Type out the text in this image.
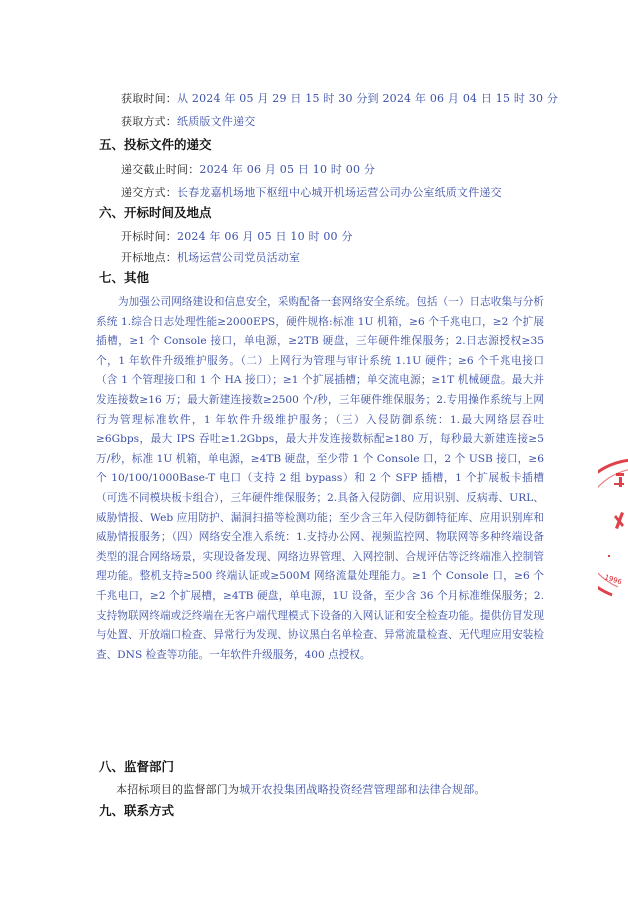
获取时间：从 2024 年 05 月 29 日 15 时 30 分到 2024 年 06 月 04 日 15 时 30 分
获取方式：纸质版文件递交
五、投标文件的递交
递交截止时间：2024 年 06 月 05 日 10 时 00 分
递交方式：长春龙嘉机场地下枢纽中心城开机场运营公司办公室纸质文件递交
六、开标时间及地点
开标时间：2024 年 06 月 05 日 10 时 00 分
开标地点：机场运营公司党员活动室
七、其他

为加强公司网络建设和信息安全，采购配备一套网络安全系统。包括（一）日志收集与分析系统 1.综合日志处理性能≥2000EPS，硬件规格:标准 1U 机箱，≥6 个千兆电口，≥2 个扩展插槽，≥1 个 Console 接口，单电源，≥2TB 硬盘，三年硬件维保服务；2.日志源授权≥35 个，1 年软件升级维护服务。（二）上网行为管理与审计系统 1.1U 硬件；≥6 个千兆电接口（含 1 个管理接口和 1 个 HA 接口）；≥1 个扩展插槽；单交流电源；≥1T 机械硬盘。最大并发连接数≥16 万；最大新建连接数≥2500 个/秒，三年硬件维保服务；2.专用操作系统与上网行为管理标准软件，1 年软件升级维护服务；（三）入侵防御系统：1.最大网络层吞吐≥6Gbps，最大 IPS 吞吐≥1.2Gbps，最大并发连接数标配≥180 万，每秒最大新建连接≥5 万/秒，标准 1U 机箱，单电源，≥4TB 硬盘，至少带 1 个 Console 口，2 个 USB 接口，≥6 个 10/100/1000Base-T 电口（支持 2 组 bypass）和 2 个 SFP 插槽，1 个扩展板卡插槽（可选不同模块板卡组合），三年硬件维保服务；2.具备入侵防御、应用识别、反病毒、URL、威胁情报、Web 应用防护、漏洞扫描等检测功能；至少含三年入侵防御特征库、应用识别库和威胁情报服务；（四）网络安全准入系统：1.支持办公网、视频监控网、物联网等多种终端设备类型的混合网络场景，实现设备发现、网络边界管理、入网控制、合规评估等泛终端准入控制管理功能。整机支持≥500 终端认证或≥500M 网络流量处理能力。≥1 个 Console 口，≥6 个千兆电口，≥2 个扩展槽，≥4TB 硬盘，单电源，1U 设备，至少含 36 个月标准维保服务；2.支持物联网终端或泛终端在无客户端代理模式下设备的入网认证和安全检查功能。提供仿冒发现与处置、开放端口检查、异常行为发现、协议黑白名单检查、异常流量检查、无代理应用安装检查、DNS 检查等功能。一年软件升级服务，400 点授权。

八、监督部门
本招标项目的监督部门为城开农投集团战略投资经营管理部和法律合规部。
九、联系方式
1996
